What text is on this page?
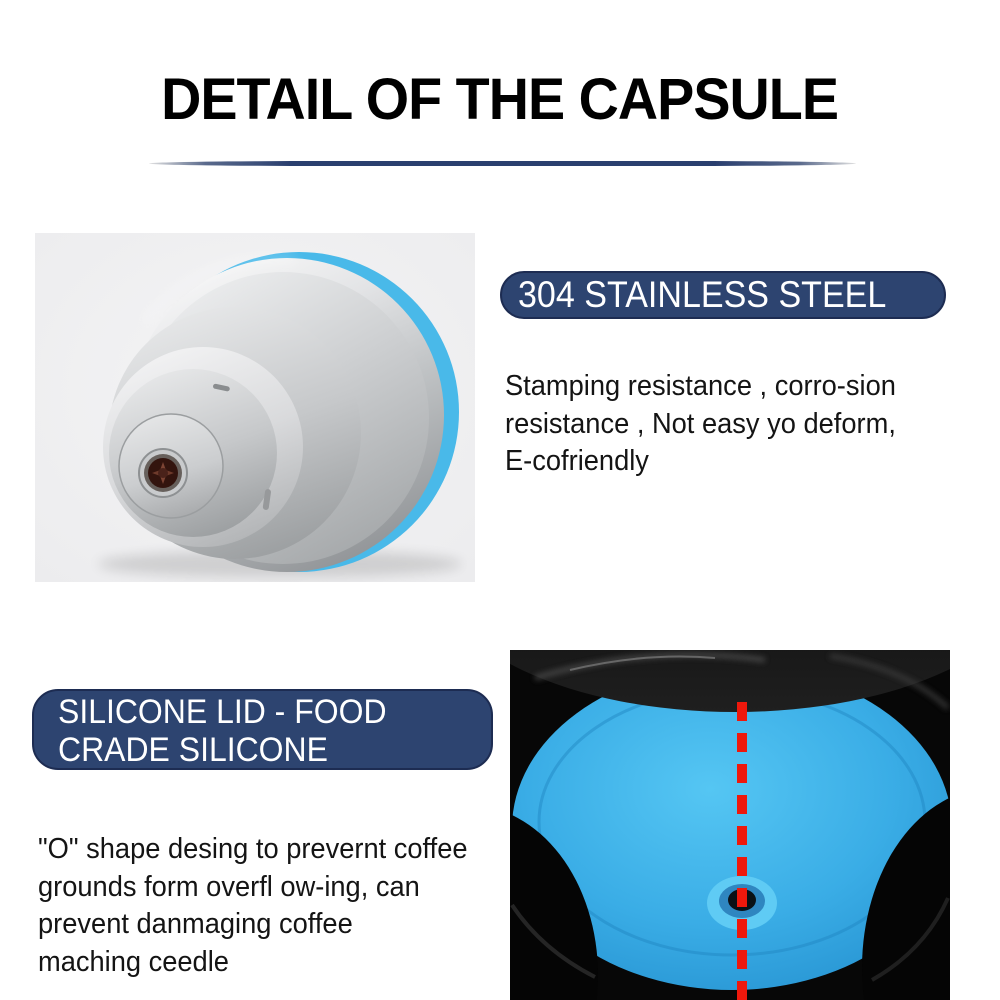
DETAIL OF THE CAPSULE
304 STAINLESS STEEL
Stamping resistance , corro-sion
resistance , Not easy yo deform,
E-cofriendly
SILICONE LID - FOOD
CRADE SILICONE
"O" shape desing to prevernt coffee
grounds form overfl ow-ing, can
prevent danmaging coffee
maching ceedle
